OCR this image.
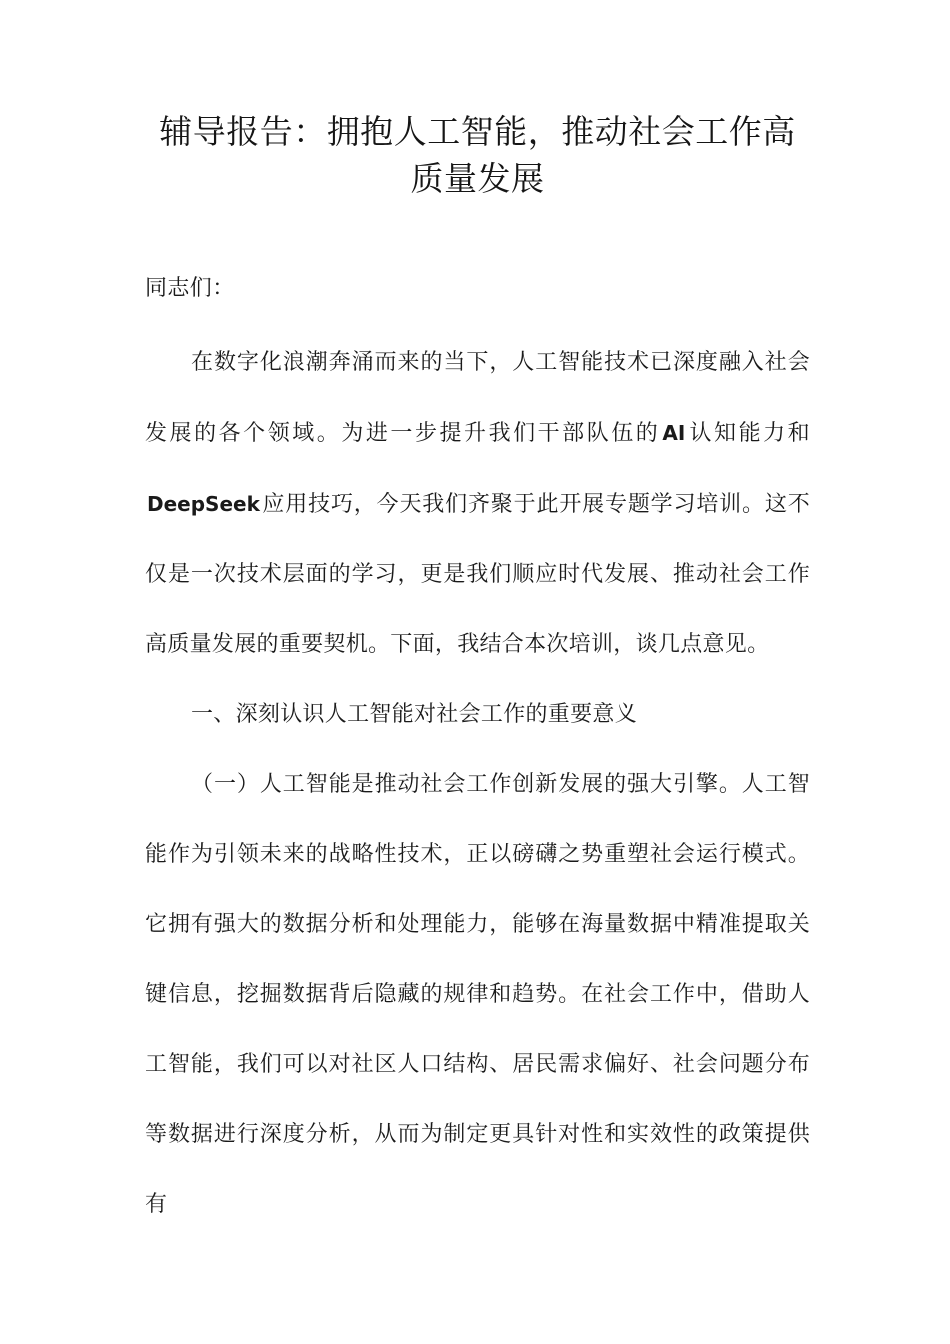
辅导报告：拥抱人工智能，推动社会工作高质量发展

同志们：

在数字化浪潮奔涌而来的当下，人工智能技术已深度融入社会发展的各个领域。为进一步提升我们干部队伍的 AI认知能力和DeepSeek应用技巧，今天我们齐聚于此开展专题学习培训。这不仅是一次技术层面的学习，更是我们顺应时代发展、推动社会工作高质量发展的重要契机。下面，我结合本次培训，谈几点意见。

一、深刻认识人工智能对社会工作的重要意义

（一）人工智能是推动社会工作创新发展的强大引擎。人工智能作为引领未来的战略性技术，正以磅礴之势重塑社会运行模式。它拥有强大的数据分析和处理能力，能够在海量数据中精准提取关键信息，挖掘数据背后隐藏的规律和趋势。在社会工作中，借助人工智能，我们可以对社区人口结构、居民需求偏好、社会问题分布等数据进行深度分析，从而为制定更具针对性和实效性的政策提供有
